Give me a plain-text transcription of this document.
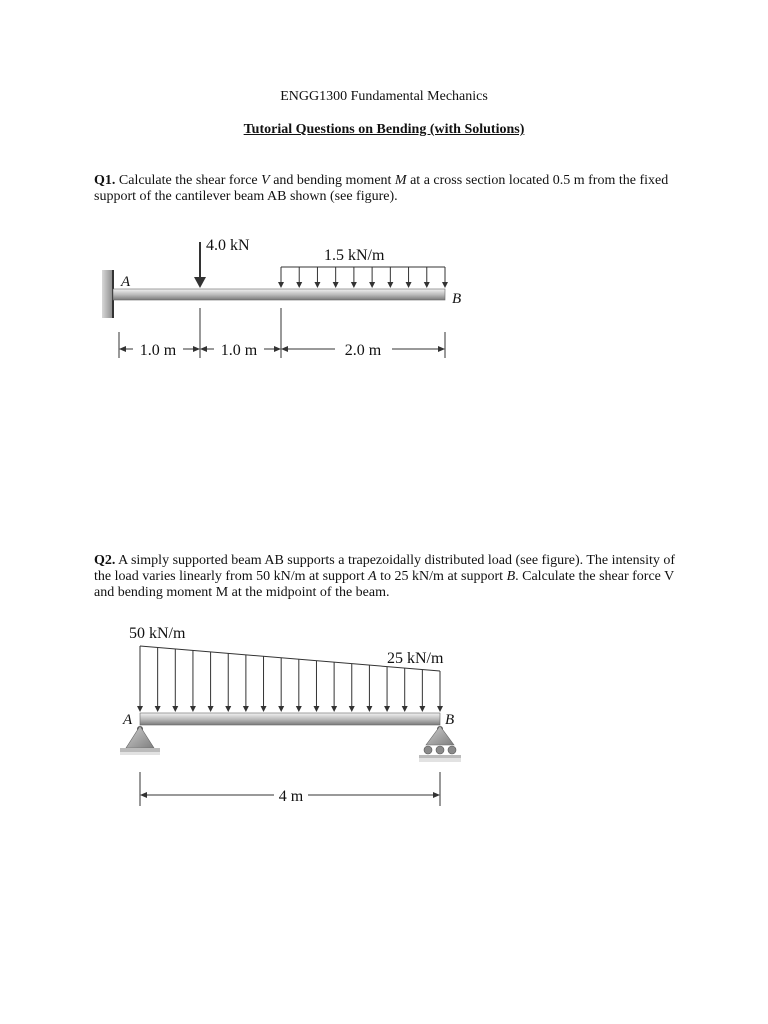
ENGG1300 Fundamental Mechanics
Tutorial Questions on Bending (with Solutions)
Q1. Calculate the shear force V and bending moment M at a cross section located 0.5 m from the fixed support of the cantilever beam AB shown (see figure).
4.0 kN
1.5 kN/m
A
B
1.0 m	1.0 m	2.0 m
Q2. A simply supported beam AB supports a trapezoidally distributed load (see figure). The intensity of the load varies linearly from 50 kN/m at support A to 25 kN/m at support B. Calculate the shear force V and bending moment M at the midpoint of the beam.
50 kN/m
25 kN/m
A	B
4 m
